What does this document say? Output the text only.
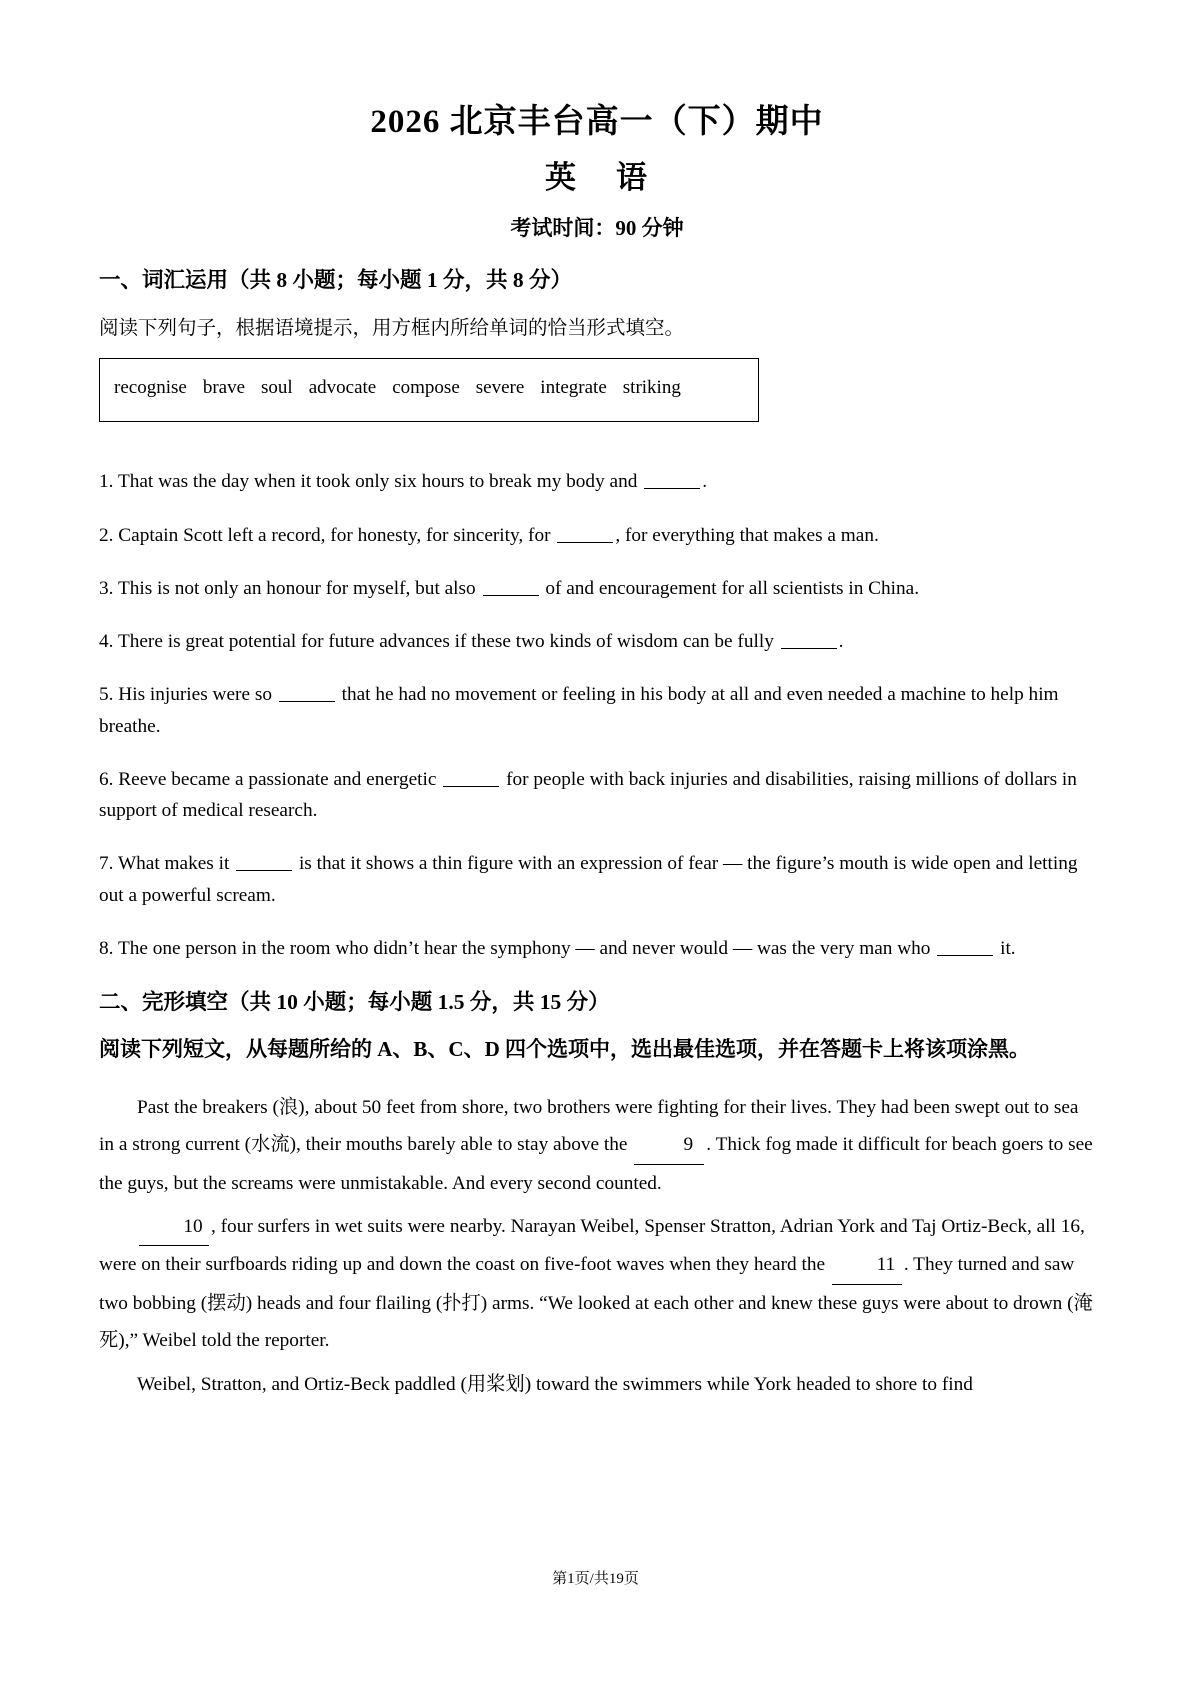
2026 北京丰台高一（下）期中
英 语
考试时间：90 分钟
一、词汇运用（共 8 小题；每小题 1 分，共 8 分）
阅读下列句子，根据语境提示，用方框内所给单词的恰当形式填空。
recognise brave soul advocate compose severe integrate striking
1. That was the day when it took only six hours to break my body and	.
2. Captain Scott left a record, for honesty, for sincerity, for	, for everything that makes a man.
3. This is not only an honour for myself, but also	of and encouragement for all scientists in China.
4. There is great potential for future advances if these two kinds of wisdom can be fully	.
5. His injuries were so	that he had no movement or feeling in his body at all and even needed a machine to help him breathe.
6. Reeve became a passionate and energetic	for people with back injuries and disabilities, raising millions of dollars in support of medical research.
7. What makes it	is that it shows a thin figure with an expression of fear — the figure’s mouth is wide open and letting out a powerful scream.
8. The one person in the room who didn’t hear the symphony — and never would — was the very man who	it.
二、完形填空（共 10 小题；每小题 1.5 分，共 15 分）
阅读下列短文，从每题所给的 A、B、C、D 四个选项中，选出最佳选项，并在答题卡上将该项涂黑。

Past the breakers (浪), about 50 feet from shore, two brothers were fighting for their lives. They had been swept out to sea in a strong current (水流), their mouths barely able to stay above the	9 . Thick fog made it difficult for beach goers to see the guys, but the screams were unmistakable. And every second counted.

10 , four surfers in wet suits were nearby. Narayan Weibel, Spenser Stratton, Adrian York and Taj Ortiz-Beck, all 16, were on their surfboards riding up and down the coast on five-foot waves when they heard the 11 . They turned and saw two bobbing (摆动) heads and four flailing (扑打) arms. “We looked at each other and knew these guys were about to drown (淹死),” Weibel told the reporter.

Weibel, Stratton, and Ortiz-Beck paddled (用桨划) toward the swimmers while York headed to shore to find

第1页/共19页
